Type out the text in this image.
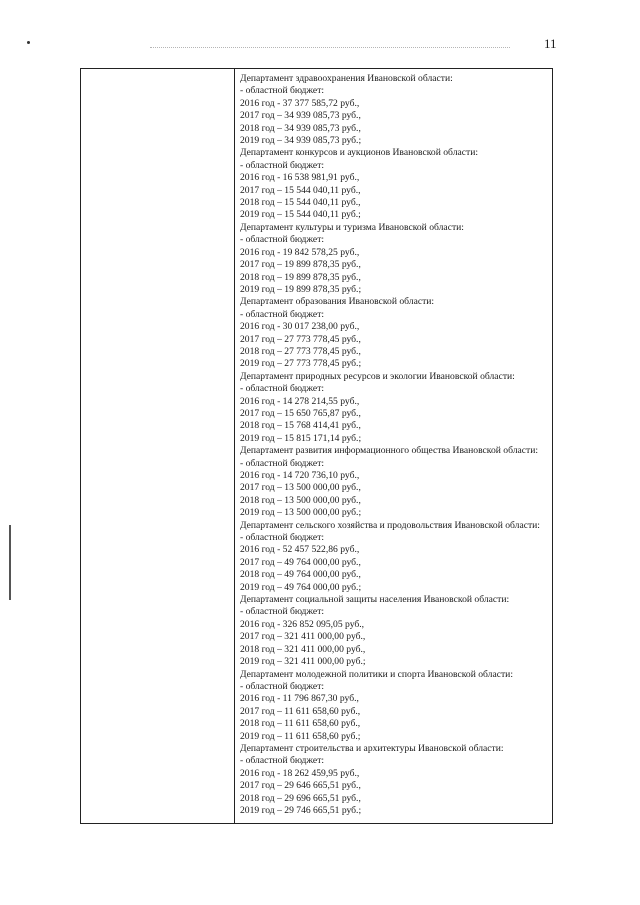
11
Департамент здравоохранения Ивановской области:
- областной бюджет:
2016 год - 37 377 585,72 руб.,
2017 год – 34 939 085,73 руб.,
2018 год – 34 939 085,73 руб.,
2019 год – 34 939 085,73 руб.;
Департамент конкурсов и аукционов Ивановской области:
- областной бюджет:
2016 год - 16 538 981,91 руб.,
2017 год – 15 544 040,11 руб.,
2018 год – 15 544 040,11 руб.,
2019 год – 15 544 040,11 руб.;
Департамент культуры и туризма Ивановской области:
- областной бюджет:
2016 год - 19 842 578,25 руб.,
2017 год – 19 899 878,35 руб.,
2018 год – 19 899 878,35 руб.,
2019 год – 19 899 878,35 руб.;
Департамент образования Ивановской области:
- областной бюджет:
2016 год - 30 017 238,00 руб.,
2017 год – 27 773 778,45 руб.,
2018 год – 27 773 778,45 руб.,
2019 год – 27 773 778,45 руб.;
Департамент природных ресурсов и экологии Ивановской области:
- областной бюджет:
2016 год - 14 278 214,55 руб.,
2017 год – 15 650 765,87 руб.,
2018 год – 15 768 414,41 руб.,
2019 год – 15 815 171,14 руб.;
Департамент развития информационного общества Ивановской области:
- областной бюджет:
2016 год - 14 720 736,10 руб.,
2017 год – 13 500 000,00 руб.,
2018 год – 13 500 000,00 руб.,
2019 год – 13 500 000,00 руб.;
Департамент сельского хозяйства и продовольствия Ивановской области:
- областной бюджет:
2016 год - 52 457 522,86 руб.,
2017 год – 49 764 000,00 руб.,
2018 год – 49 764 000,00 руб.,
2019 год – 49 764 000,00 руб.;
Департамент социальной защиты населения Ивановской области:
- областной бюджет:
2016 год - 326 852 095,05 руб.,
2017 год – 321 411 000,00 руб.,
2018 год – 321 411 000,00 руб.,
2019 год – 321 411 000,00 руб.;
Департамент молодежной политики и спорта Ивановской области:
- областной бюджет:
2016 год - 11 796 867,30 руб.,
2017 год – 11 611 658,60 руб.,
2018 год – 11 611 658,60 руб.,
2019 год – 11 611 658,60 руб.;
Департамент строительства и архитектуры Ивановской области:
- областной бюджет:
2016 год - 18 262 459,95 руб.,
2017 год – 29 646 665,51 руб.,
2018 год – 29 696 665,51 руб.,
2019 год – 29 746 665,51 руб.;
